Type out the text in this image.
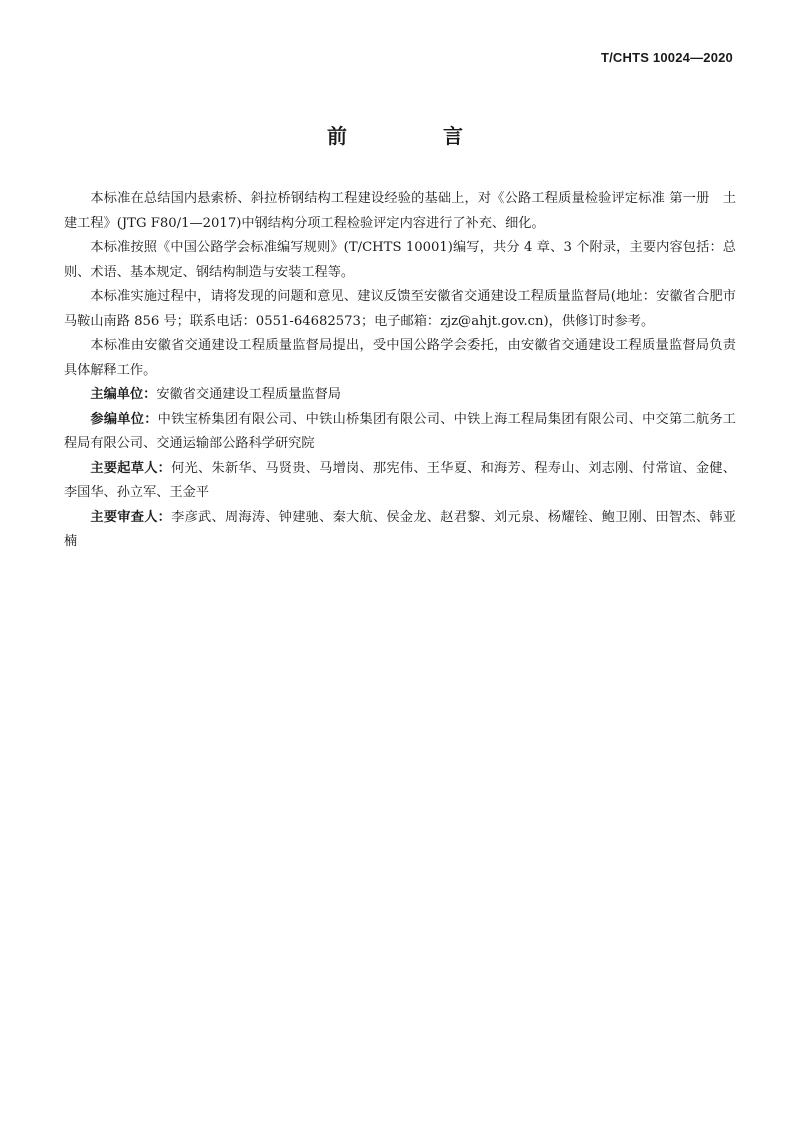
T/CHTS 10024—2020
前　言

本标准在总结国内悬索桥、斜拉桥钢结构工程建设经验的基础上，对《公路工程质量检验评定标准 第一册　土建工程》(JTG F80/1—2017)中钢结构分项工程检验评定内容进行了补充、细化。

本标准按照《中国公路学会标准编写规则》(T/CHTS 10001)编写，共分 4 章、3 个附录，主要内容包括：总则、术语、基本规定、钢结构制造与安装工程等。

本标准实施过程中，请将发现的问题和意见、建议反馈至安徽省交通建设工程质量监督局(地址：安徽省合肥市马鞍山南路 856 号；联系电话：0551-64682573；电子邮箱：zjz@ahjt.gov.cn)，供修订时参考。

本标准由安徽省交通建设工程质量监督局提出，受中国公路学会委托，由安徽省交通建设工程质量监督局负责具体解释工作。

主编单位：安徽省交通建设工程质量监督局

参编单位：中铁宝桥集团有限公司、中铁山桥集团有限公司、中铁上海工程局集团有限公司、中交第二航务工程局有限公司、交通运输部公路科学研究院

主要起草人：何光、朱新华、马贤贵、马增岗、那宪伟、王华夏、和海芳、程寿山、刘志刚、付常谊、金健、李国华、孙立军、王金平

主要审查人：李彦武、周海涛、钟建驰、秦大航、侯金龙、赵君黎、刘元泉、杨耀铨、鲍卫刚、田智杰、韩亚楠
